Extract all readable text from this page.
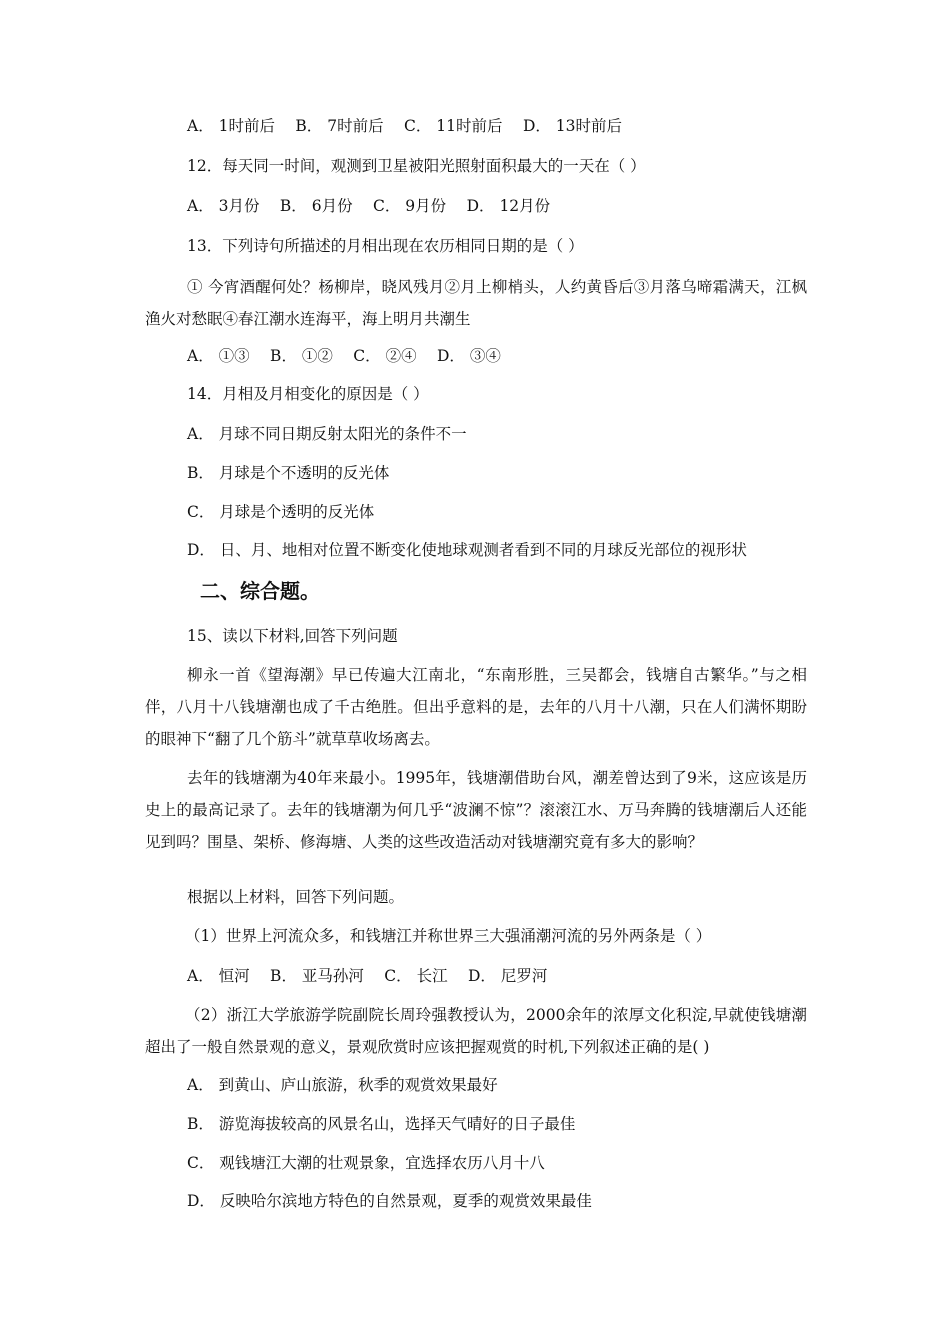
A． 1时前后　 B． 7时前后　 C． 11时前后　 D． 13时前后
12．每天同一时间，观测到卫星被阳光照射面积最大的一天在（ ）
A． 3月份　 B． 6月份　 C． 9月份　 D． 12月份
13．下列诗句所描述的月相出现在农历相同日期的是（ ）
① 今宵酒醒何处？杨柳岸，晓风残月②月上柳梢头，人约黄昏后③月落乌啼霜满天，江枫渔火对愁眠④春江潮水连海平，海上明月共潮生
A． ①③　 B． ①②　 C． ②④　 D． ③④
14．月相及月相变化的原因是（ ）
A． 月球不同日期反射太阳光的条件不一
B． 月球是个不透明的反光体
C． 月球是个透明的反光体
D． 日、月、地相对位置不断变化使地球观测者看到不同的月球反光部位的视形状
二、综合题。
15、读以下材料,回答下列问题
柳永一首《望海潮》早已传遍大江南北，“东南形胜，三吴都会，钱塘自古繁华。”与之相伴，八月十八钱塘潮也成了千古绝胜。但出乎意料的是，去年的八月十八潮，只在人们满怀期盼的眼神下“翻了几个筋斗”就草草收场离去。
去年的钱塘潮为40年来最小。1995年，钱塘潮借助台风，潮差曾达到了9米，这应该是历史上的最高记录了。去年的钱塘潮为何几乎“波澜不惊”？滚滚江水、万马奔腾的钱塘潮后人还能见到吗？围垦、架桥、修海塘、人类的这些改造活动对钱塘潮究竟有多大的影响？
根据以上材料，回答下列问题。
（1）世界上河流众多，和钱塘江并称世界三大强涌潮河流的另外两条是（ ）
A． 恒河　 B． 亚马孙河　 C． 长江　 D． 尼罗河
（2）浙江大学旅游学院副院长周玲强教授认为，2000余年的浓厚文化积淀,早就使钱塘潮超出了一般自然景观的意义，景观欣赏时应该把握观赏的时机,下列叙述正确的是( )
A． 到黄山、庐山旅游，秋季的观赏效果最好
B． 游览海拔较高的风景名山，选择天气晴好的日子最佳
C． 观钱塘江大潮的壮观景象，宜选择农历八月十八
D． 反映哈尔滨地方特色的自然景观，夏季的观赏效果最佳
